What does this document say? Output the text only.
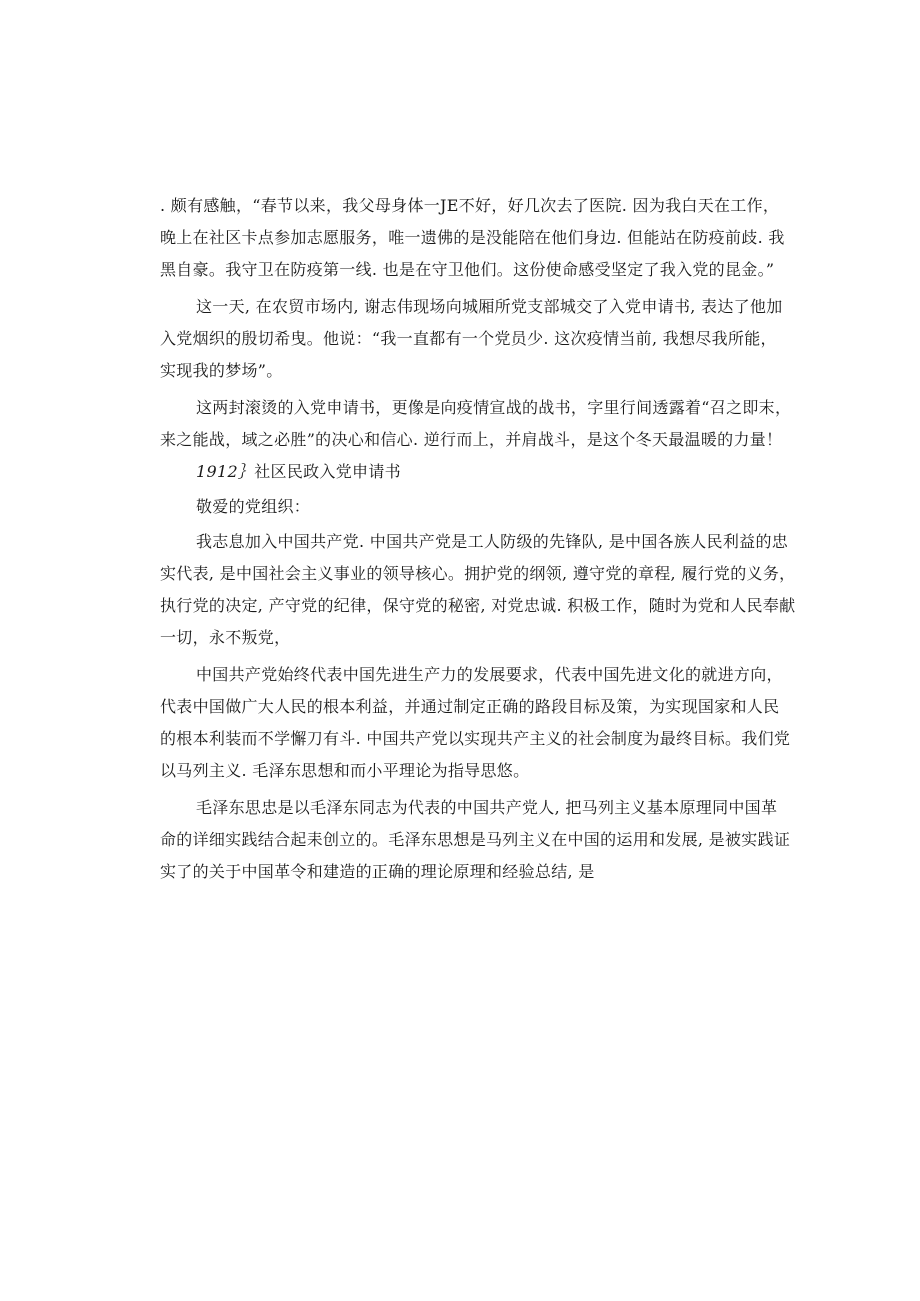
. 颇有感触，“春节以来，我父母身体一JE不好，好几次去了医院. 因为我白天在工作，
晚上在社区卡点参加志愿服务，唯一遗佛的是没能陪在他们身边. 但能站在防疫前歧. 我
黑自豪。我守卫在防疫第一线. 也是在守卫他们。这份使命感受坚定了我入党的昆金。”
这一天, 在农贸市场内, 谢志伟现场向城厢所党支部城交了入党申请书, 表达了他加
入党烟织的殷切希曳。他说：“我一直都有一个党员少. 这次疫情当前, 我想尽我所能，
实现我的梦场”。
这两封滚烫的入党申请书，更像是向疫情宣战的战书，字里行间透露着“召之即末，
来之能战，域之必胜”的决心和信心. 逆行而上，并肩战斗，是这个冬天最温暖的力量！
1912｝社区民政入党申请书
敬爱的党组织：
我志息加入中国共产党. 中国共产党是工人防级的先锋队, 是中国各族人民利益的忠
实代表, 是中国社会主义事业的领导核心。拥护党的纲领, 遵守党的章程, 履行党的义务，
执行党的决定, 产守党的纪律，保守党的秘密, 对党忠诚. 积极工作，随时为党和人民奉献
一切，永不叛党，
中国共产党始终代表中国先进生产力的发展要求，代表中国先进文化的就进方向，
代表中国做广大人民的根本利益，并通过制定正确的路段目标及策，为实现国家和人民
的根本利装而不学懈刀有斗. 中国共产党以实现共产主义的社会制度为最终目标。我们党
以马列主义. 毛泽东思想和而小平理论为指导思悠。
毛泽东思忠是以毛泽东同志为代表的中国共产党人, 把马列主义基本原理同中国革
命的详细实践结合起耒创立的。毛泽东思想是马列主义在中国的运用和发展, 是被实践证
实了的关于中国革令和建造的正确的理论原理和经验总结, 是
